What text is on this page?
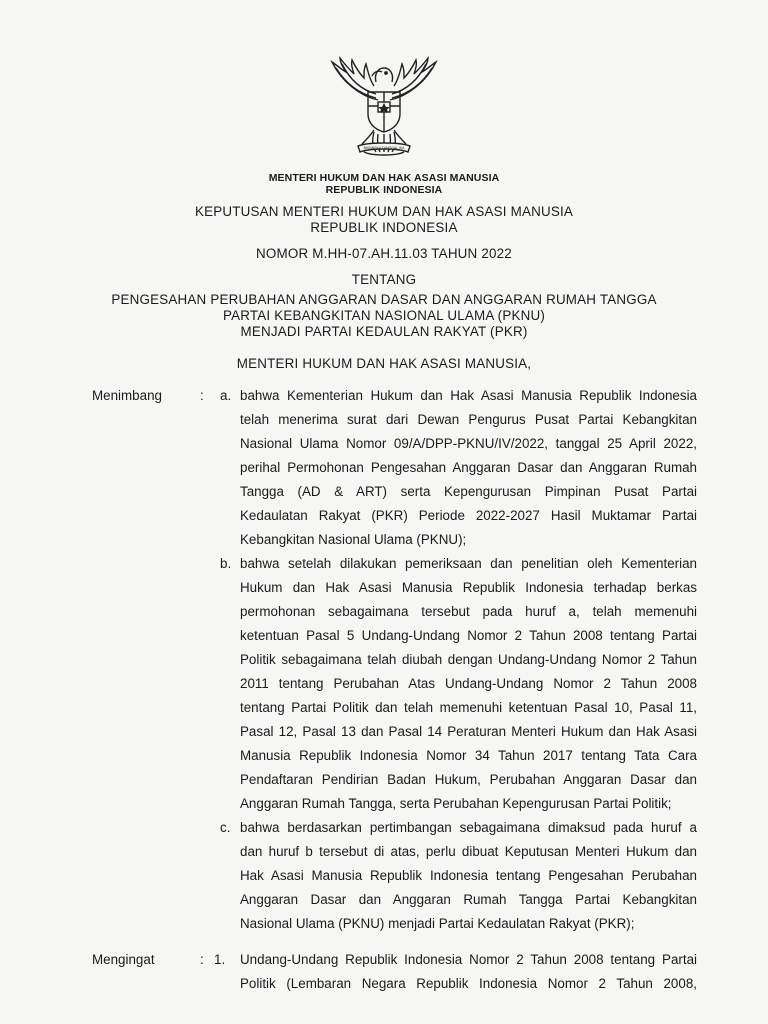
BHINNEKA TUNGGAL IKA
MENTERI HUKUM DAN HAK ASASI MANUSIA
REPUBLIK INDONESIA
KEPUTUSAN MENTERI HUKUM DAN HAK ASASI MANUSIA
REPUBLIK INDONESIA
NOMOR M.HH-07.AH.11.03 TAHUN 2022
TENTANG
PENGESAHAN PERUBAHAN ANGGARAN DASAR DAN ANGGARAN RUMAH TANGGA
PARTAI KEBANGKITAN NASIONAL ULAMA (PKNU)
MENJADI PARTAI KEDAULAN RAKYAT (PKR)
MENTERI HUKUM DAN HAK ASASI MANUSIA,
Menimbang	: a. bahwa Kementerian Hukum dan Hak Asasi Manusia Republik Indonesia
telah menerima surat dari Dewan Pengurus Pusat Partai Kebangkitan
Nasional Ulama Nomor 09/A/DPP-PKNU/IV/2022, tanggal 25 April 2022,
perihal Permohonan Pengesahan Anggaran Dasar dan Anggaran Rumah
Tangga (AD & ART) serta Kepengurusan Pimpinan Pusat Partai
Kedaulatan Rakyat (PKR) Periode 2022-2027 Hasil Muktamar Partai
Kebangkitan Nasional Ulama (PKNU);
b. bahwa setelah dilakukan pemeriksaan dan penelitian oleh Kementerian
Hukum dan Hak Asasi Manusia Republik Indonesia terhadap berkas
permohonan sebagaimana tersebut pada huruf a, telah memenuhi
ketentuan Pasal 5 Undang-Undang Nomor 2 Tahun 2008 tentang Partai
Politik sebagaimana telah diubah dengan Undang-Undang Nomor 2 Tahun
2011 tentang Perubahan Atas Undang-Undang Nomor 2 Tahun 2008
tentang Partai Politik dan telah memenuhi ketentuan Pasal 10, Pasal 11,
Pasal 12, Pasal 13 dan Pasal 14 Peraturan Menteri Hukum dan Hak Asasi
Manusia Republik Indonesia Nomor 34 Tahun 2017 tentang Tata Cara
Pendaftaran Pendirian Badan Hukum, Perubahan Anggaran Dasar dan
Anggaran Rumah Tangga, serta Perubahan Kepengurusan Partai Politik;
c. bahwa berdasarkan pertimbangan sebagaimana dimaksud pada huruf a
dan huruf b tersebut di atas, perlu dibuat Keputusan Menteri Hukum dan
Hak Asasi Manusia Republik Indonesia tentang Pengesahan Perubahan
Anggaran Dasar dan Anggaran Rumah Tangga Partai Kebangkitan
Nasional Ulama (PKNU) menjadi Partai Kedaulatan Rakyat (PKR);
Mengingat	: 1. Undang-Undang Republik Indonesia Nomor 2 Tahun 2008 tentang Partai
Politik (Lembaran Negara Republik Indonesia Nomor 2 Tahun 2008,
